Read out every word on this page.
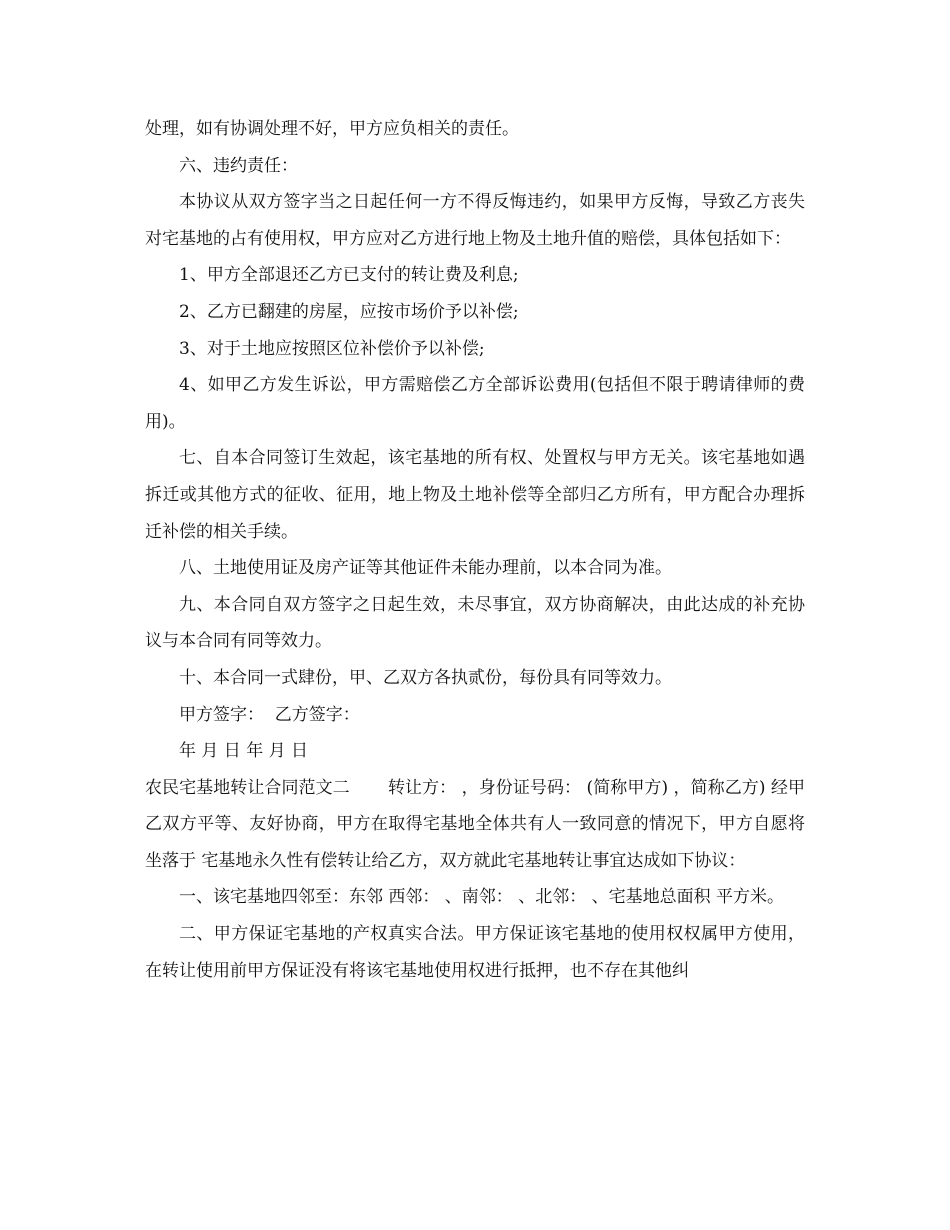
处理，如有协调处理不好，甲方应负相关的责任。

六、违约责任：

本协议从双方签字当之日起任何一方不得反悔违约，如果甲方反悔，导致乙方丧失对宅基地的占有使用权，甲方应对乙方进行地上物及土地升值的赔偿，具体包括如下：

1、甲方全部退还乙方已支付的转让费及利息;

2、乙方已翻建的房屋，应按市场价予以补偿;

3、对于土地应按照区位补偿价予以补偿;

4、如甲乙方发生诉讼，甲方需赔偿乙方全部诉讼费用(包括但不限于聘请律师的费用)。

七、自本合同签订生效起，该宅基地的所有权、处置权与甲方无关。该宅基地如遇拆迁或其他方式的征收、征用，地上物及土地补偿等全部归乙方所有，甲方配合办理拆迁补偿的相关手续。

八、土地使用证及房产证等其他证件未能办理前，以本合同为准。

九、本合同自双方签字之日起生效，未尽事宜，双方协商解决，由此达成的补充协议与本合同有同等效力。

十、本合同一式肆份，甲、乙双方各执贰份，每份具有同等效力。

甲方签字：  乙方签字：

年 月 日 年 月 日

农民宅基地转让合同范文二       转让方： ，身份证号码： (简称甲方) ，简称乙方) 经甲乙双方平等、友好协商，甲方在取得宅基地全体共有人一致同意的情况下，甲方自愿将坐落于 宅基地永久性有偿转让给乙方，双方就此宅基地转让事宜达成如下协议：

一、该宅基地四邻至：东邻 西邻： 、南邻： 、北邻： 、宅基地总面积 平方米。

二、甲方保证宅基地的产权真实合法。甲方保证该宅基地的使用权权属甲方使用，在转让使用前甲方保证没有将该宅基地使用权进行抵押，也不存在其他纠
